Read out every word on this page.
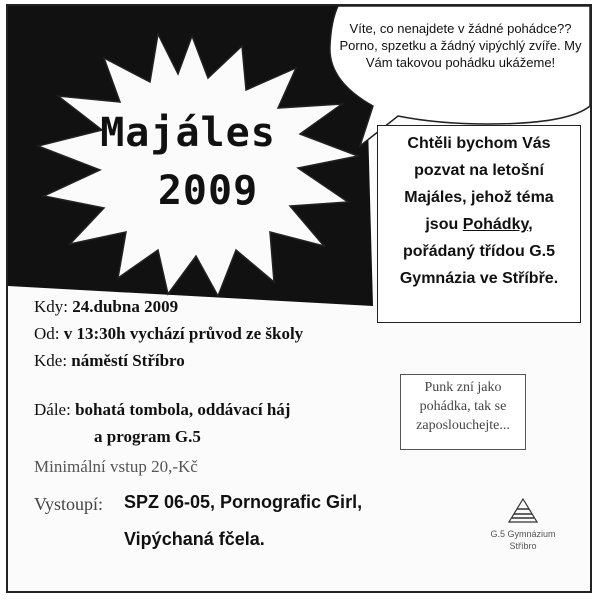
Majáles
2009
Víte, co nenajdete v žádné pohádce?? Porno, spzetku a žádný vipýchlý zvíře. My Vám takovou pohádku ukážeme!
Chtěli bychom Vás
pozvat na letošní
Majáles, jehož téma
jsou Pohádky,
pořádaný třídou G.5
Gymnázia ve Stříbře.
Kdy: 24.dubna 2009
Od: v 13:30h vychází průvod ze školy
Kde: náměstí Stříbro
Dále: bohatá tombola, oddávací háj
a program G.5
Minimální vstup 20,-Kč
Punk zní jako pohádka, tak se zaposlouchejte...
Vystoupí: SPZ 06-05, Pornografic Girl,
Vipýchaná fčela.	G.5 Gymnázium
Stříbro
